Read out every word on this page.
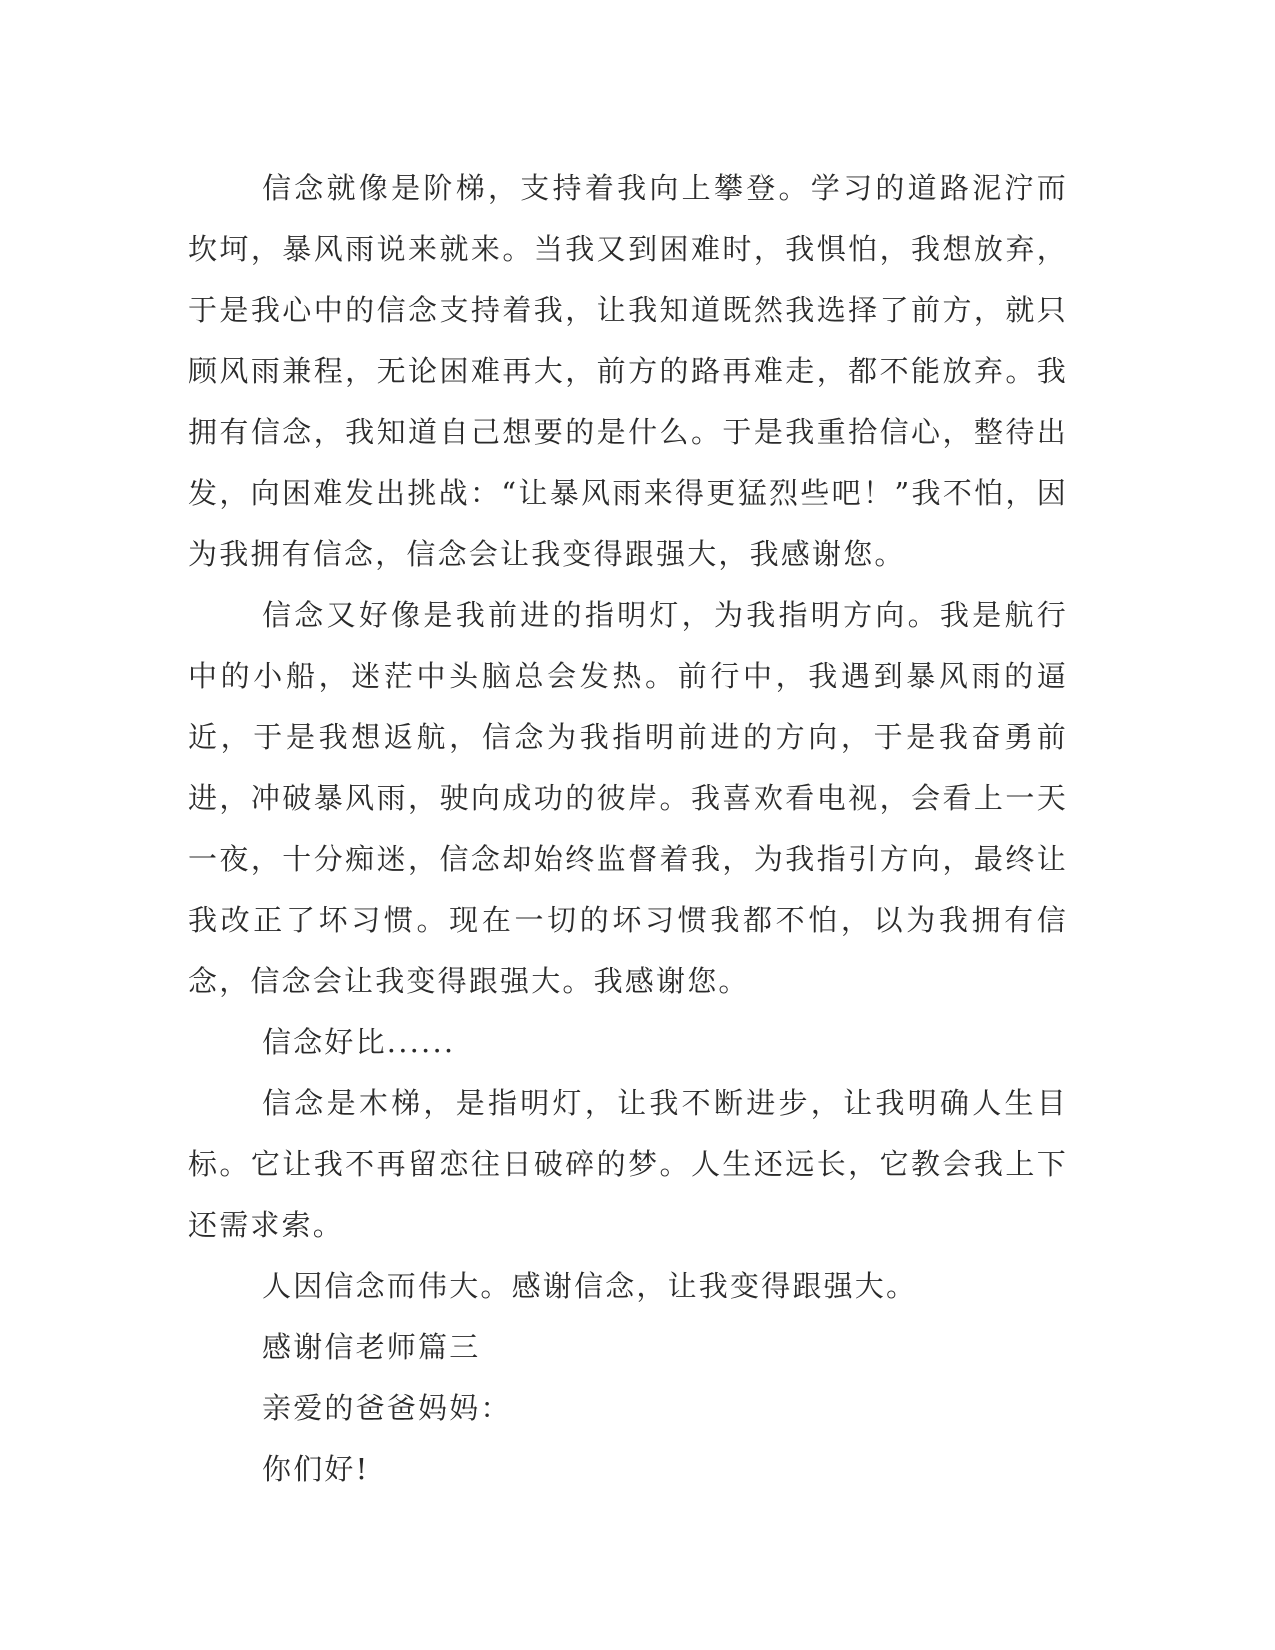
信念就像是阶梯，支持着我向上攀登。学习的道路泥泞而坎坷，暴风雨说来就来。当我又到困难时，我惧怕，我想放弃，于是我心中的信念支持着我，让我知道既然我选择了前方，就只顾风雨兼程，无论困难再大，前方的路再难走，都不能放弃。我拥有信念，我知道自己想要的是什么。于是我重拾信心，整待出发，向困难发出挑战：“让暴风雨来得更猛烈些吧！”我不怕，因为我拥有信念，信念会让我变得跟强大，我感谢您。

信念又好像是我前进的指明灯，为我指明方向。我是航行中的小船，迷茫中头脑总会发热。前行中，我遇到暴风雨的逼近，于是我想返航，信念为我指明前进的方向，于是我奋勇前进，冲破暴风雨，驶向成功的彼岸。我喜欢看电视，会看上一天一夜，十分痴迷，信念却始终监督着我，为我指引方向，最终让我改正了坏习惯。现在一切的坏习惯我都不怕，以为我拥有信念，信念会让我变得跟强大。我感谢您。

信念好比......

信念是木梯，是指明灯，让我不断进步，让我明确人生目标。它让我不再留恋往日破碎的梦。人生还远长，它教会我上下还需求索。

人因信念而伟大。感谢信念，让我变得跟强大。

感谢信老师篇三

亲爱的爸爸妈妈：

你们好!
